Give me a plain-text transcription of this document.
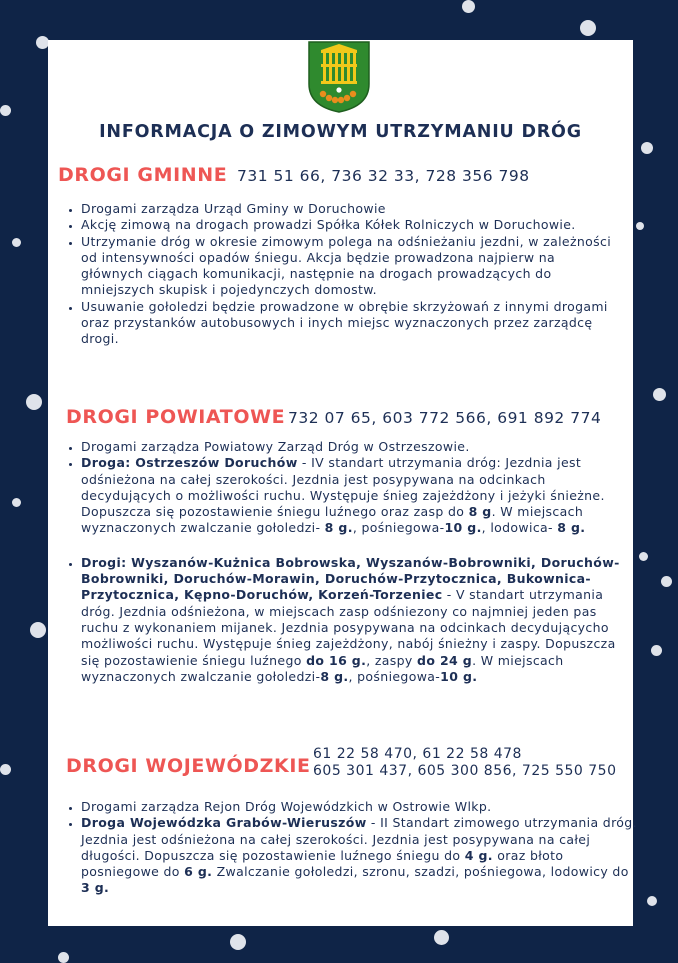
INFORMACJA O ZIMOWYM UTRZYMANIU DRÓG
DROGI GMINNE 731 51 66, 736 32 33, 728 356 798
• Drogami zarządza Urząd Gminy w Doruchowie
• Akcję zimową na drogach prowadzi Spółka Kółek Rolniczych w Doruchowie.
• Utrzymanie dróg w okresie zimowym polega na odśnieżaniu jezdni, w zależności od intensywności opadów śniegu. Akcja będzie prowadzona najpierw na głównych ciągach komunikacji, następnie na drogach prowadzących do mniejszych skupisk i pojedynczych domostw.
• Usuwanie gołoledzi będzie prowadzone w obrębie skrzyżowań z innymi drogami oraz przystanków autobusowych i inych miejsc wyznaczonych przez zarządcę drogi.
DROGI POWIATOWE 732 07 65, 603 772 566, 691 892 774
• Drogami zarządza Powiatowy Zarząd Dróg w Ostrzeszowie.
• Droga: Ostrzeszów Doruchów - IV standart utrzymania dróg: Jezdnia jest odśnieżona na całej szerokości. Jezdnia jest posypywana na odcinkach decydujących o możliwości ruchu. Występuje śnieg zajeżdżony i jeżyki śnieżne. Dopuszcza się pozostawienie śniegu luźnego oraz zasp do 8 g. W miejscach wyznaczonych zwalczanie gołoledzi- 8 g., pośniegowa-10 g., lodowica- 8 g.
• Drogi: Wyszanów-Kużnica Bobrowska, Wyszanów-Bobrowniki, Doruchów-Bobrowniki, Doruchów-Morawin, Doruchów-Przytocznica, Bukownica-Przytocznica, Kępno-Doruchów, Korzeń-Torzeniec - V standart utrzymania dróg. Jezdnia odśnieżona, w miejscach zasp odśniezony co najmniej jeden pas ruchu z wykonaniem mijanek. Jezdnia posypywana na odcinkach decydującycho możliwości ruchu. Występuje śnieg zajeżdżony, nabój śnieżny i zaspy. Dopuszcza się pozostawienie śniegu luźnego do 16 g., zaspy do 24 g. W miejscach wyznaczonych zwalczanie gołoledzi-8 g., pośniegowa-10 g.
DROGI WOJEWÓDZKIE
61 22 58 470, 61 22 58 478
605 301 437, 605 300 856, 725 550 750
• Drogami zarządza Rejon Dróg Wojewódzkich w Ostrowie Wlkp.
• Droga Wojewódzka Grabów-Wieruszów - II Standart zimowego utrzymania dróg. Jezdnia jest odśnieżona na całej szerokości. Jezdnia jest posypywana na całej długości. Dopuszcza się pozostawienie luźnego śniegu do 4 g. oraz błoto posniegowe do 6 g. Zwalczanie gołoledzi, szronu, szadzi, pośniegowa, lodowicy do 3 g.
